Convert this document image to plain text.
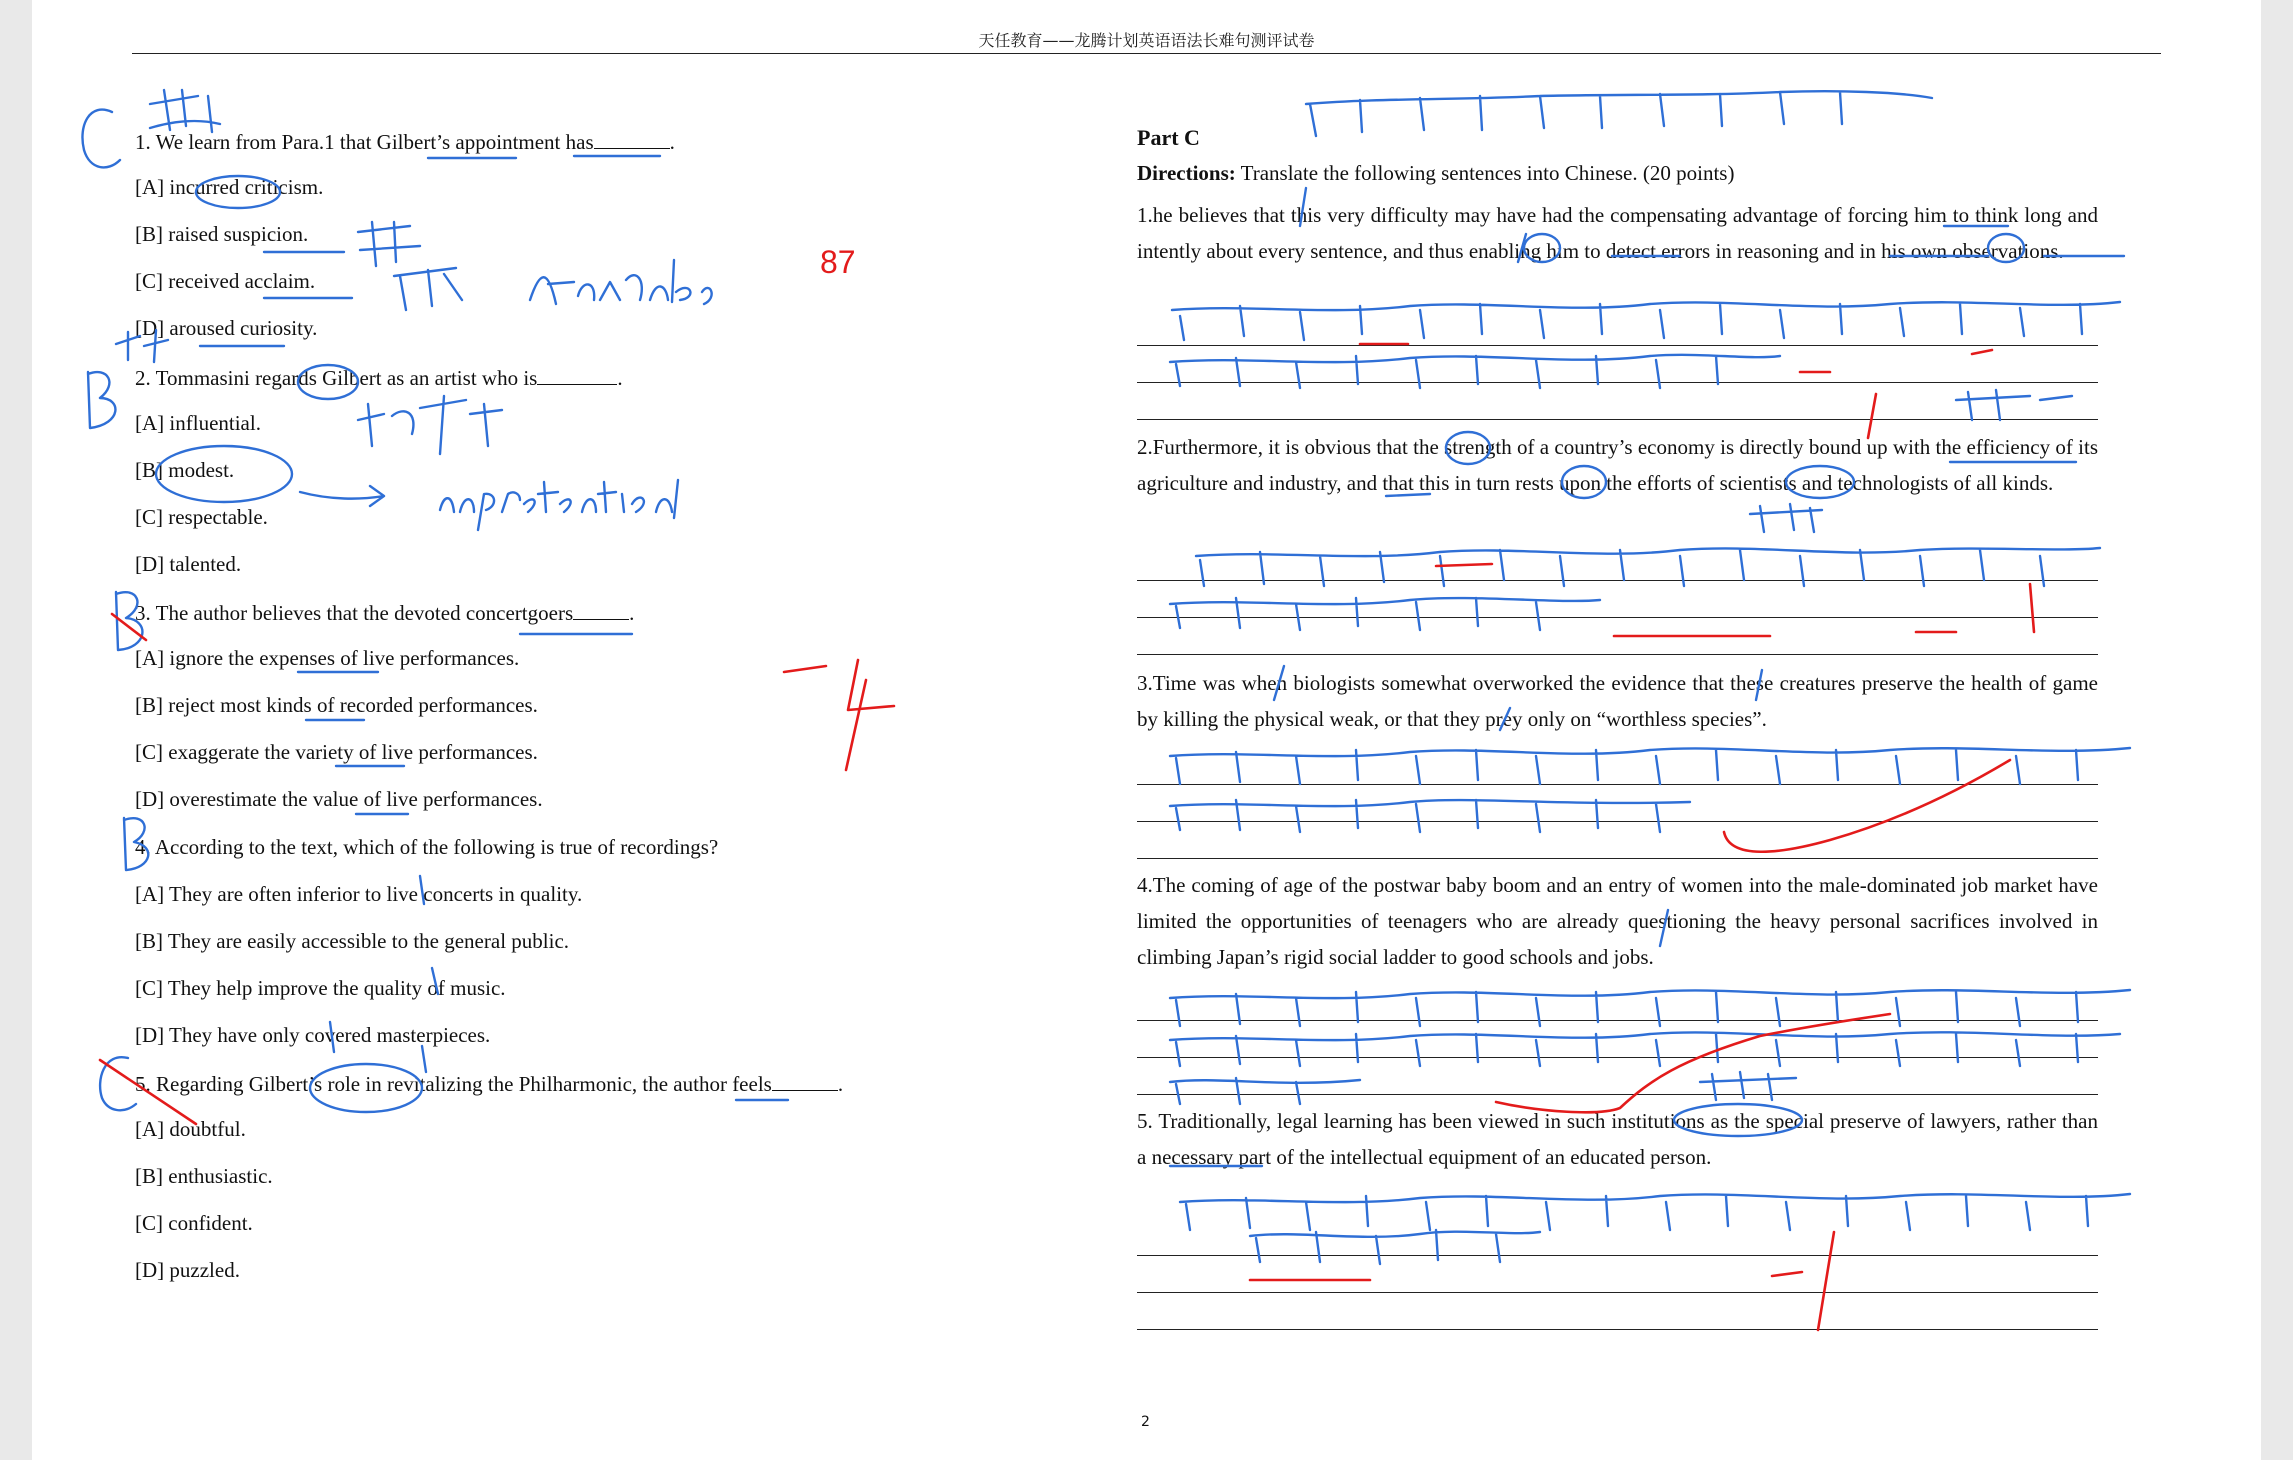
天任教育——龙腾计划英语语法长难句测评试卷
1. We learn from Para.1 that Gilbert’s appointment has	.
[A] incurred criticism.
[B] raised suspicion.
[C] received acclaim.
[D] aroused curiosity.
2. Tommasini regards Gilbert as an artist who is	.
[A] influential.
[B] modest.
[C] respectable.
[D] talented.
3. The author believes that the devoted concertgoers	.
[A] ignore the expenses of live performances.
[B] reject most kinds of recorded performances.
[C] exaggerate the variety of live performances.
[D] overestimate the value of live performances.
4. According to the text, which of the following is true of recordings?
[A] They are often inferior to live concerts in quality.
[B] They are easily accessible to the general public.
[C] They help improve the quality of music.
[D] They have only covered masterpieces.
5. Regarding Gilbert’s role in revitalizing the Philharmonic, the author feels	.
[A] doubtful.
[B] enthusiastic.
[C] confident.
[D] puzzled.
Part C
Directions: Translate the following sentences into Chinese. (20 points)
1.he believes that this very difficulty may have had the compensating advantage of forcing him to think long and intently about every sentence, and thus enabling him to detect errors in reasoning and in his own observations.
2.Furthermore, it is obvious that the strength of a country’s economy is directly bound up with the efficiency of its agriculture and industry, and that this in turn rests upon the efforts of scientists and technologists of all kinds.
3.Time was when biologists somewhat overworked the evidence that these creatures preserve the health of game by killing the physical weak, or that they prey only on “worthless species”.
4.The coming of age of the postwar baby boom and an entry of women into the male-dominated job market have limited the opportunities of teenagers who are already questioning the heavy personal sacrifices involved in climbing Japan’s rigid social ladder to good schools and jobs.
5. Traditionally, legal learning has been viewed in such institutions as the special preserve of lawyers, rather than a necessary part of the intellectual equipment of an educated person.
87
2
